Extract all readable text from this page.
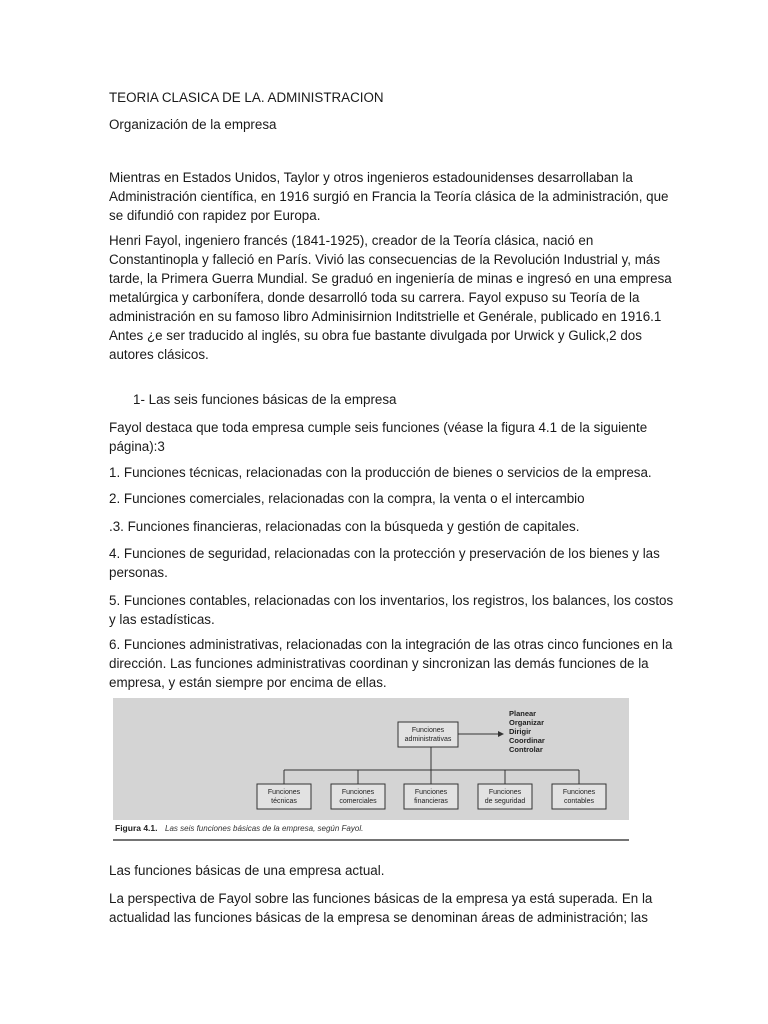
TEORIA CLASICA DE LA. ADMINISTRACION
Organización de la empresa
Mientras en Estados Unidos, Taylor y otros ingenieros estadounidenses desarrollaban la
Administración científica, en 1916 surgió en Francia la Teoría clásica de la administración, que
se difundió con rapidez por Europa.
Henri Fayol, ingeniero francés (1841-1925), creador de la Teoría clásica, nació en
Constantinopla y falleció en París. Vivió las consecuencias de la Revolución Industrial y, más
tarde, la Primera Guerra Mundial. Se graduó en ingeniería de minas e ingresó en una empresa
metalúrgica y carbonífera, donde desarrolló toda su carrera. Fayol expuso su Teoría de la
administración en su famoso libro Adminisirnion Inditstrielle et Genérale, publicado en 1916.1
Antes ¿e ser traducido al inglés, su obra fue bastante divulgada por Urwick y Gulick,2 dos
autores clásicos.
1- Las seis funciones básicas de la empresa
Fayol destaca que toda empresa cumple seis funciones (véase la figura 4.1 de la siguiente
página):3
1. Funciones técnicas, relacionadas con la producción de bienes o servicios de la empresa.
2. Funciones comerciales, relacionadas con la compra, la venta o el intercambio
.3. Funciones financieras, relacionadas con la búsqueda y gestión de capitales.
4. Funciones de seguridad, relacionadas con la protección y preservación de los bienes y las
personas.
5. Funciones contables, relacionadas con los inventarios, los registros, los balances, los costos
y las estadísticas.
6. Funciones administrativas, relacionadas con la integración de las otras cinco funciones en la
dirección. Las funciones administrativas coordinan y sincronizan las demás funciones de la
empresa, y están siempre por encima de ellas.
Las funciones básicas de una empresa actual.
La perspectiva de Fayol sobre las funciones básicas de la empresa ya está superada. En la
actualidad las funciones básicas de la empresa se denominan áreas de administración; las
Funciones
administrativas
Planear
Organizar
Dirigir
Coordinar
Controlar
Funciones
técnicas
Funciones
comerciales
Funciones
financieras
Funciones
de seguridad
Funciones
contables
Figura 4.1. Las seis funciones básicas de la empresa, según Fayol.
